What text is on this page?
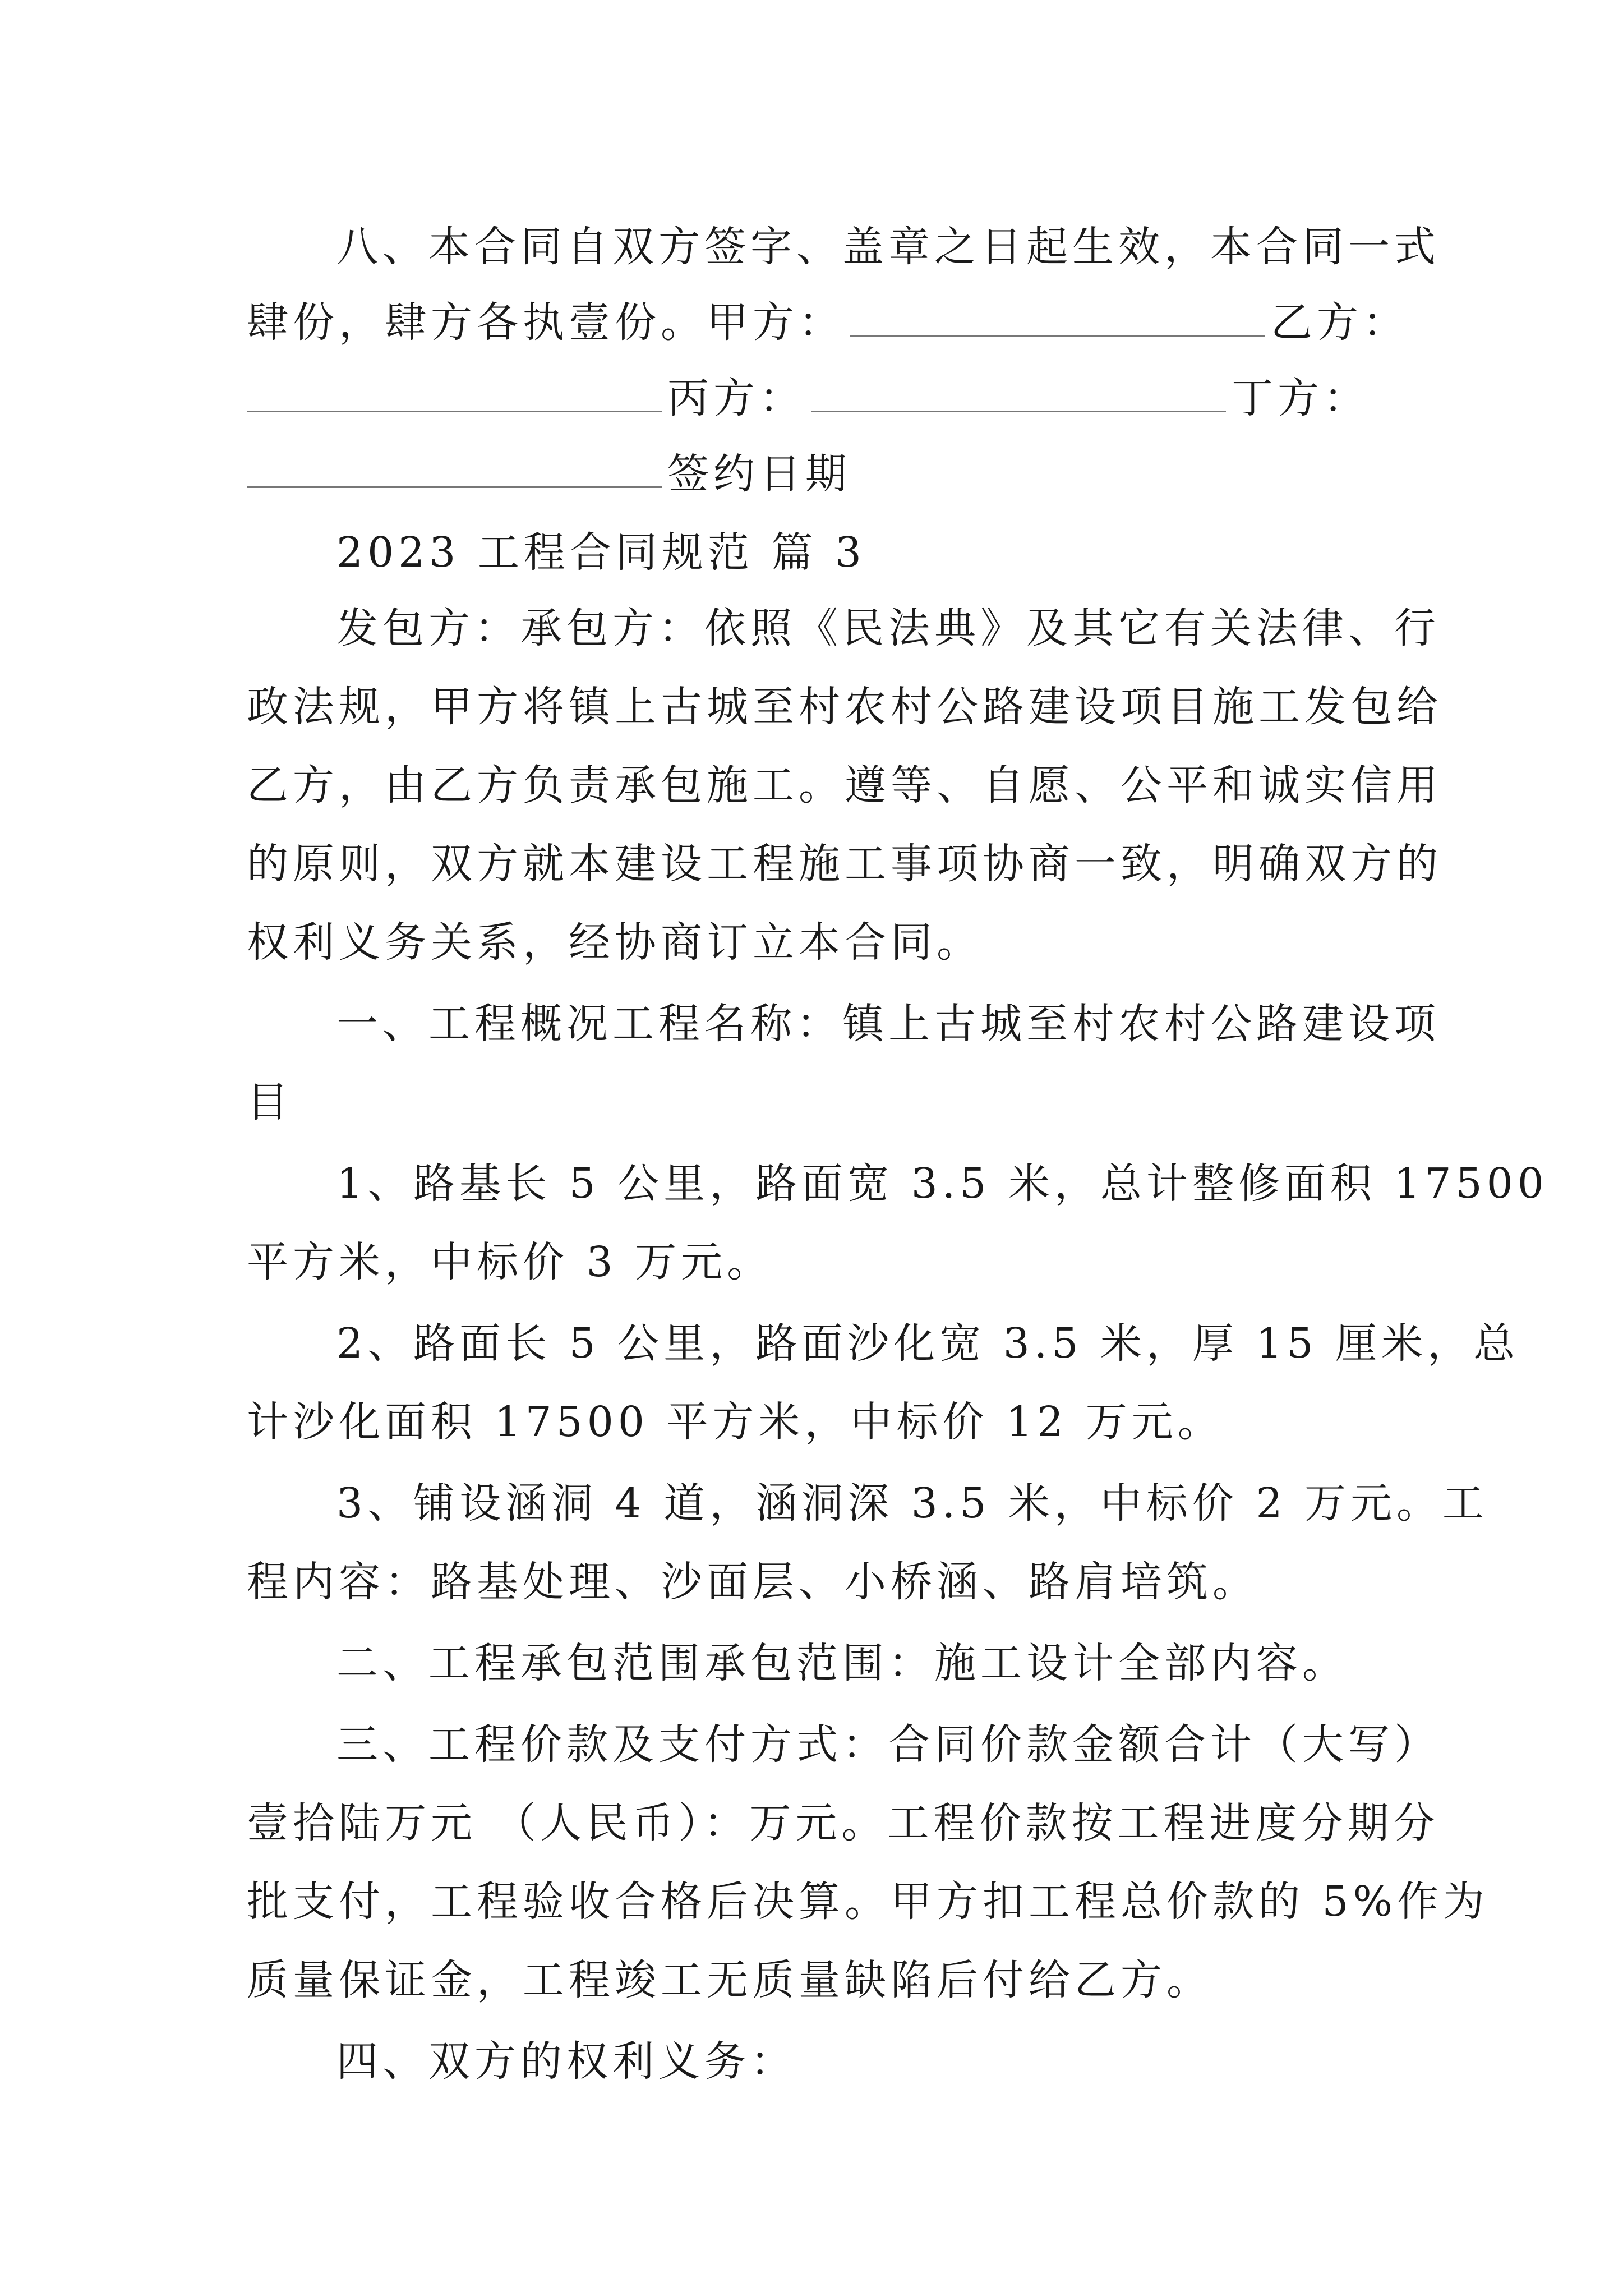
八、本合同自双方签字、盖章之日起生效，本合同一式
肆份，肆方各执壹份。甲方：	乙方：
丙方：	丁方：
签约日期
2023 工程合同规范 篇 3
发包方：承包方：依照《民法典》及其它有关法律、行
政法规，甲方将镇上古城至村农村公路建设项目施工发包给
乙方，由乙方负责承包施工。遵等、自愿、公平和诚实信用
的原则，双方就本建设工程施工事项协商一致，明确双方的
权利义务关系，经协商订立本合同。
一、工程概况工程名称：镇上古城至村农村公路建设项
目
1、路基长 5 公里，路面宽 3.5 米，总计整修面积 17500
平方米，中标价 3 万元。
2、路面长 5 公里，路面沙化宽 3.5 米，厚 15 厘米，总
计沙化面积 17500 平方米，中标价 12 万元。
3、铺设涵洞 4 道，涵洞深 3.5 米，中标价 2 万元。工
程内容：路基处理、沙面层、小桥涵、路肩培筑。
二、工程承包范围承包范围：施工设计全部内容。
三、工程价款及支付方式：合同价款金额合计（大写）
壹拾陆万元 （人民币）：万元。工程价款按工程进度分期分
批支付，工程验收合格后决算。甲方扣工程总价款的 5%作为
质量保证金，工程竣工无质量缺陷后付给乙方。
四、双方的权利义务：
